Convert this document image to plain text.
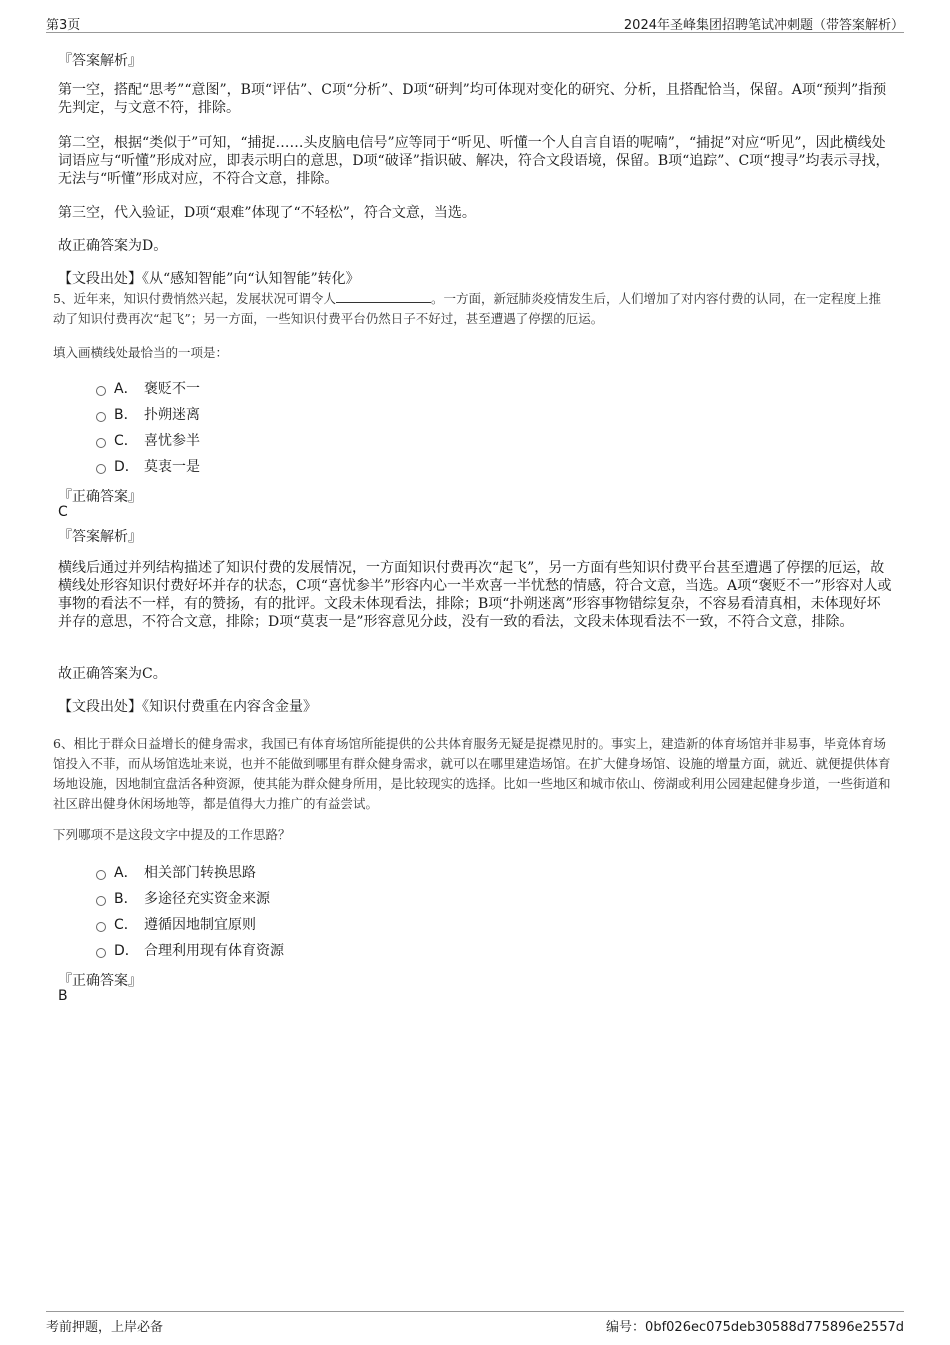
第3页	2024年圣峰集团招聘笔试冲刺题（带答案解析）
『答案解析』
第一空，搭配“思考”“意图”，B项“评估”、C项“分析”、D项“研判”均可体现对变化的研究、分析，且搭配恰当，保留。A项“预判”指预先判定，与文意不符，排除。
第二空，根据“类似于”可知，“捕捉……头皮脑电信号”应等同于“听见、听懂一个人自言自语的呢喃”，“捕捉”对应“听见”，因此横线处词语应与“听懂”形成对应，即表示明白的意思，D项“破译”指识破、解决，符合文段语境，保留。B项“追踪”、C项“搜寻”均表示寻找，无法与“听懂”形成对应，不符合文意，排除。
第三空，代入验证，D项“艰难”体现了“不轻松”，符合文意，当选。
故正确答案为D。
【文段出处】《从“感知智能”向“认知智能”转化》
5、近年来，知识付费悄然兴起，发展状况可谓令人	。一方面，新冠肺炎疫情发生后，人们增加了对内容付费的认同，在一定程度上推动了知识付费再次“起飞”；另一方面，一些知识付费平台仍然日子不好过，甚至遭遇了停摆的厄运。
填入画横线处最恰当的一项是：
A． 褒贬不一
B． 扑朔迷离
C． 喜忧参半
D． 莫衷一是
『正确答案』
C
『答案解析』
横线后通过并列结构描述了知识付费的发展情况，一方面知识付费再次“起飞”，另一方面有些知识付费平台甚至遭遇了停摆的厄运，故横线处形容知识付费好坏并存的状态，C项“喜忧参半”形容内心一半欢喜一半忧愁的情感，符合文意，当选。A项“褒贬不一”形容对人或事物的看法不一样，有的赞扬，有的批评。文段未体现看法，排除；B项“扑朔迷离”形容事物错综复杂，不容易看清真相，未体现好坏并存的意思，不符合文意，排除；D项“莫衷一是”形容意见分歧，没有一致的看法，文段未体现看法不一致，不符合文意，排除。
故正确答案为C。
【文段出处】《知识付费重在内容含金量》
6、相比于群众日益增长的健身需求，我国已有体育场馆所能提供的公共体育服务无疑是捉襟见肘的。事实上，建造新的体育场馆并非易事，毕竟体育场馆投入不菲，而从场馆选址来说，也并不能做到哪里有群众健身需求，就可以在哪里建造场馆。在扩大健身场馆、设施的增量方面，就近、就便提供体育场地设施，因地制宜盘活各种资源，使其能为群众健身所用，是比较现实的选择。比如一些地区和城市依山、傍湖或利用公园建起健身步道，一些街道和社区辟出健身休闲场地等，都是值得大力推广的有益尝试。
下列哪项不是这段文字中提及的工作思路？
A． 相关部门转换思路
B． 多途径充实资金来源
C． 遵循因地制宜原则
D． 合理利用现有体育资源
『正确答案』
B
考前押题，上岸必备	编号：0bf026ec075deb30588d775896e2557d
